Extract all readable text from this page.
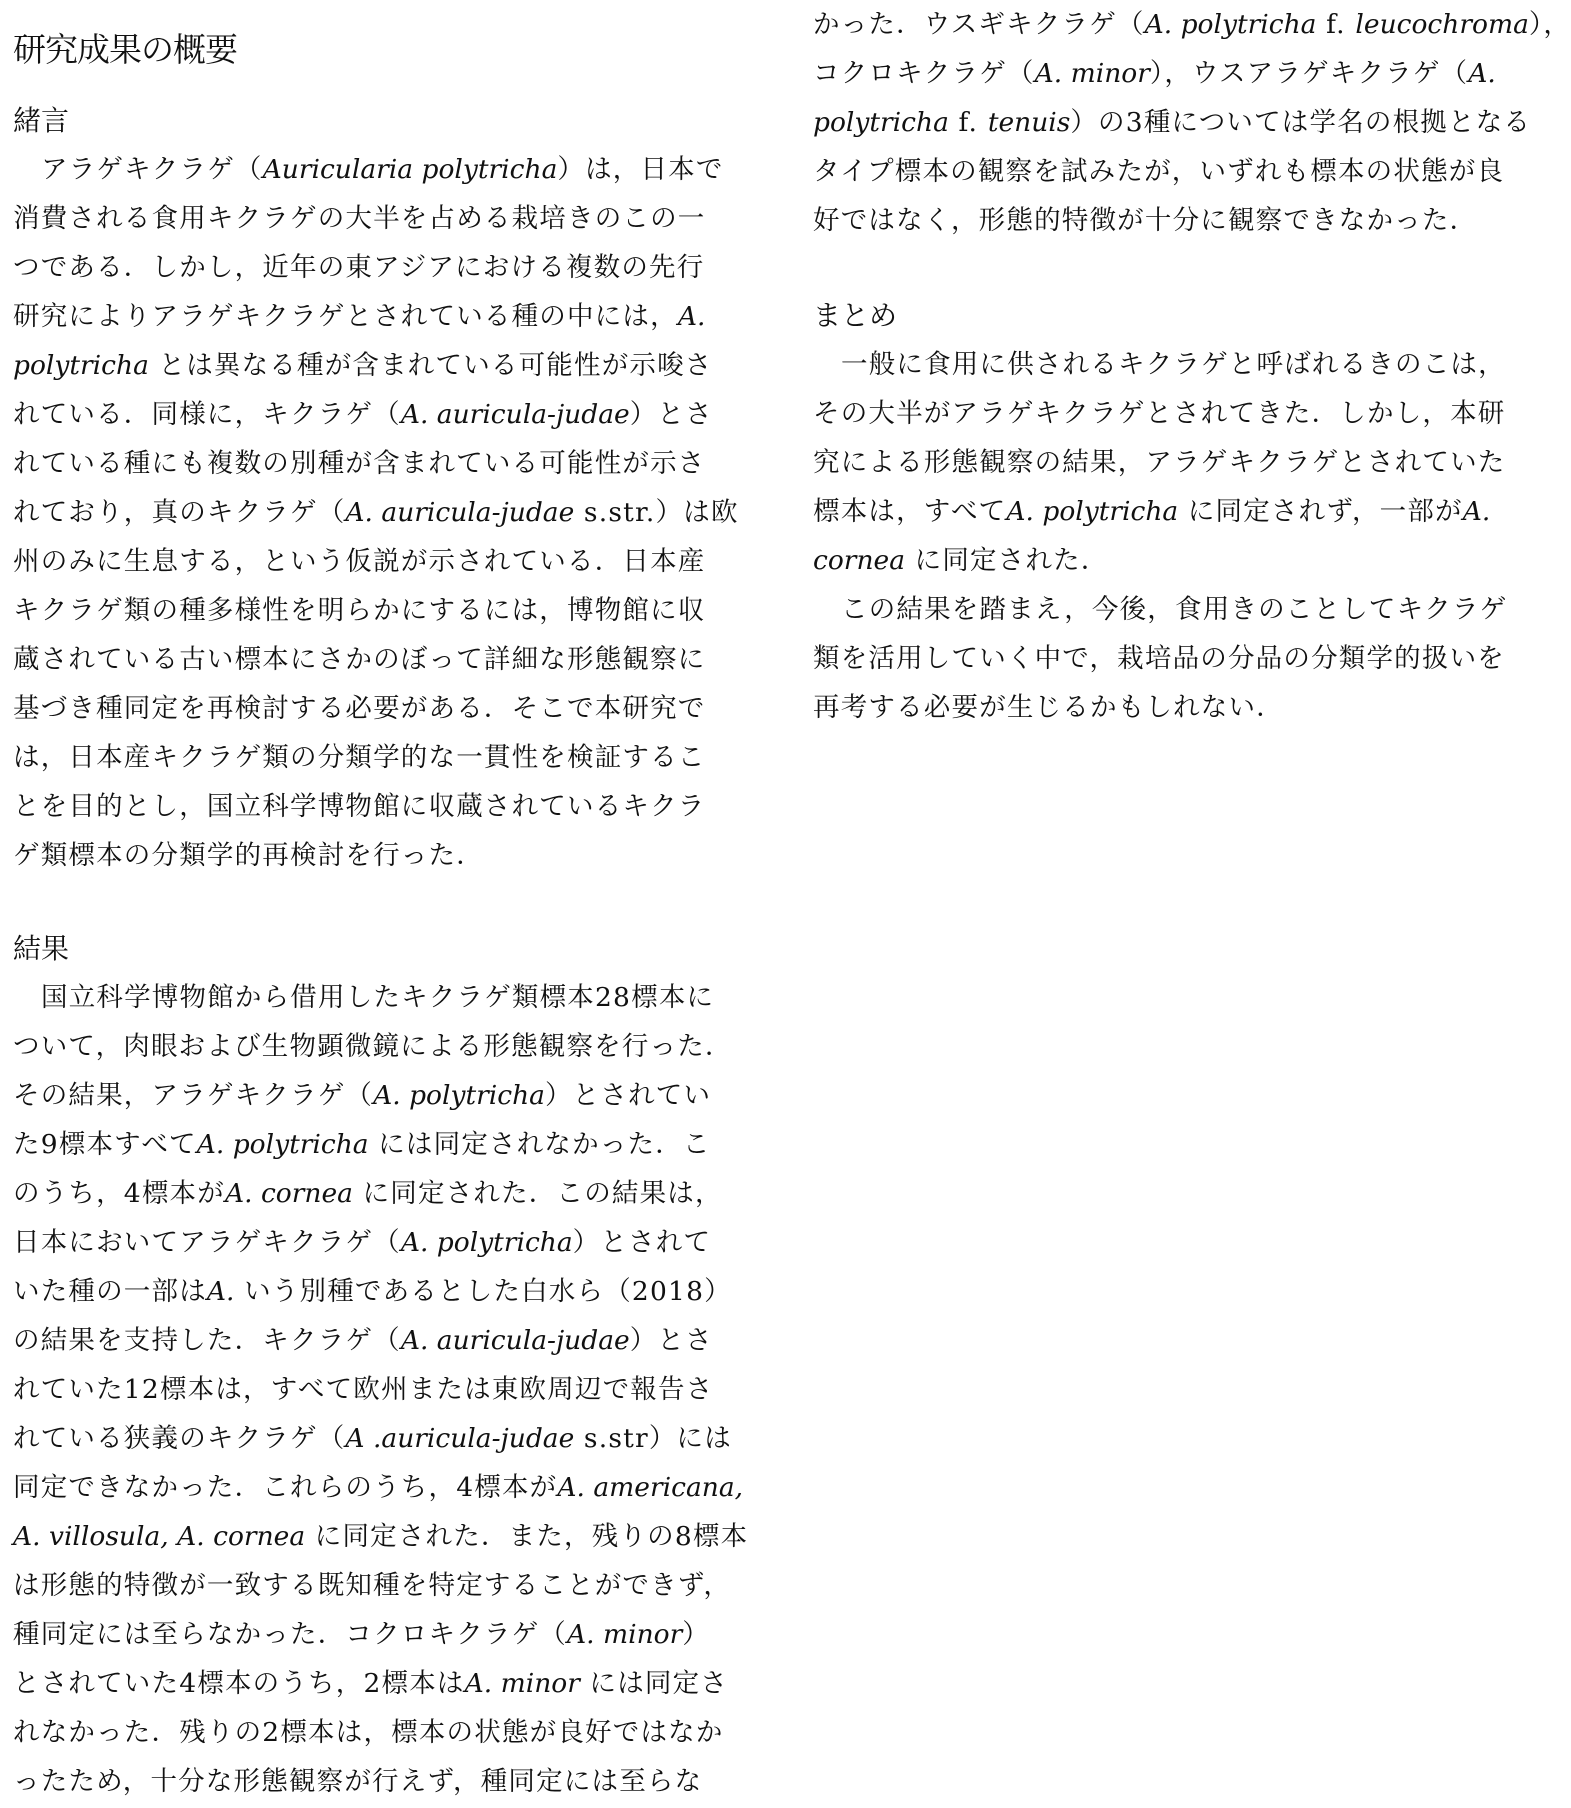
研究成果の概要
緒言
アラゲキクラゲ（Auricularia polytricha）は，日本で
消費される食用キクラゲの大半を占める栽培きのこの一
つである．しかし，近年の東アジアにおける複数の先行
研究によりアラゲキクラゲとされている種の中には，A.
polytricha とは異なる種が含まれている可能性が示唆さ
れている．同様に，キクラゲ（A. auricula-judae）とさ
れている種にも複数の別種が含まれている可能性が示さ
れており，真のキクラゲ（A. auricula-judae s.str.）は欧
州のみに生息する，という仮説が示されている．日本産
キクラゲ類の種多様性を明らかにするには，博物館に収
蔵されている古い標本にさかのぼって詳細な形態観察に
基づき種同定を再検討する必要がある．そこで本研究で
は，日本産キクラゲ類の分類学的な一貫性を検証するこ
とを目的とし，国立科学博物館に収蔵されているキクラ
ゲ類標本の分類学的再検討を行った．
結果
国立科学博物館から借用したキクラゲ類標本28標本に
ついて，肉眼および生物顕微鏡による形態観察を行った．
その結果，アラゲキクラゲ（A. polytricha）とされてい
た9標本すべてA. polytricha には同定されなかった．こ
のうち，4標本がA. cornea に同定された．この結果は，
日本においてアラゲキクラゲ（A. polytricha）とされて
いた種の一部はA. いう別種であるとした白水ら（2018）
の結果を支持した．キクラゲ（A. auricula-judae）とさ
れていた12標本は，すべて欧州または東欧周辺で報告さ
れている狭義のキクラゲ（A .auricula-judae s.str）には
同定できなかった．これらのうち，4標本がA. americana,
A. villosula, A. cornea に同定された．また，残りの8標本
は形態的特徴が一致する既知種を特定することができず，
種同定には至らなかった．コクロキクラゲ（A. minor）
とされていた4標本のうち，2標本はA. minor には同定さ
れなかった．残りの2標本は，標本の状態が良好ではなか
ったため，十分な形態観察が行えず，種同定には至らな
かった．ウスギキクラゲ（A. polytricha f. leucochroma），
コクロキクラゲ（A. minor），ウスアラゲキクラゲ（A.
polytricha f. tenuis）の3種については学名の根拠となる
タイプ標本の観察を試みたが，いずれも標本の状態が良
好ではなく，形態的特徴が十分に観察できなかった．
まとめ
一般に食用に供されるキクラゲと呼ばれるきのこは，
その大半がアラゲキクラゲとされてきた．しかし，本研
究による形態観察の結果，アラゲキクラゲとされていた
標本は，すべてA. polytricha に同定されず，一部がA.
cornea に同定された．
この結果を踏まえ，今後，食用きのことしてキクラゲ
類を活用していく中で，栽培品の分品の分類学的扱いを
再考する必要が生じるかもしれない．
